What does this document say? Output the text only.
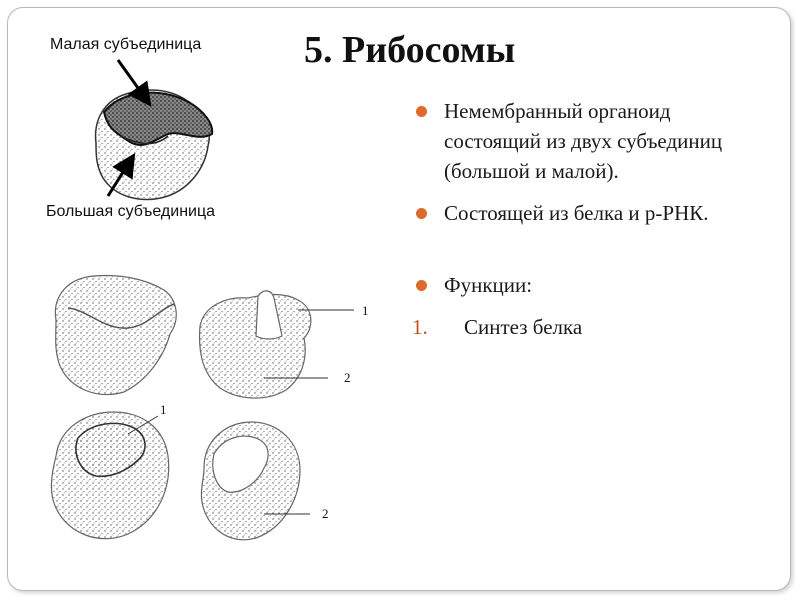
Малая субъединица
Большая субъединица
1
2
1
2
5. Рибосомы
Немембранный органоид состоящий из двух субъединиц (большой и малой).
Состоящей из белка и р-РНК.
Функции:
1. Синтез белка
